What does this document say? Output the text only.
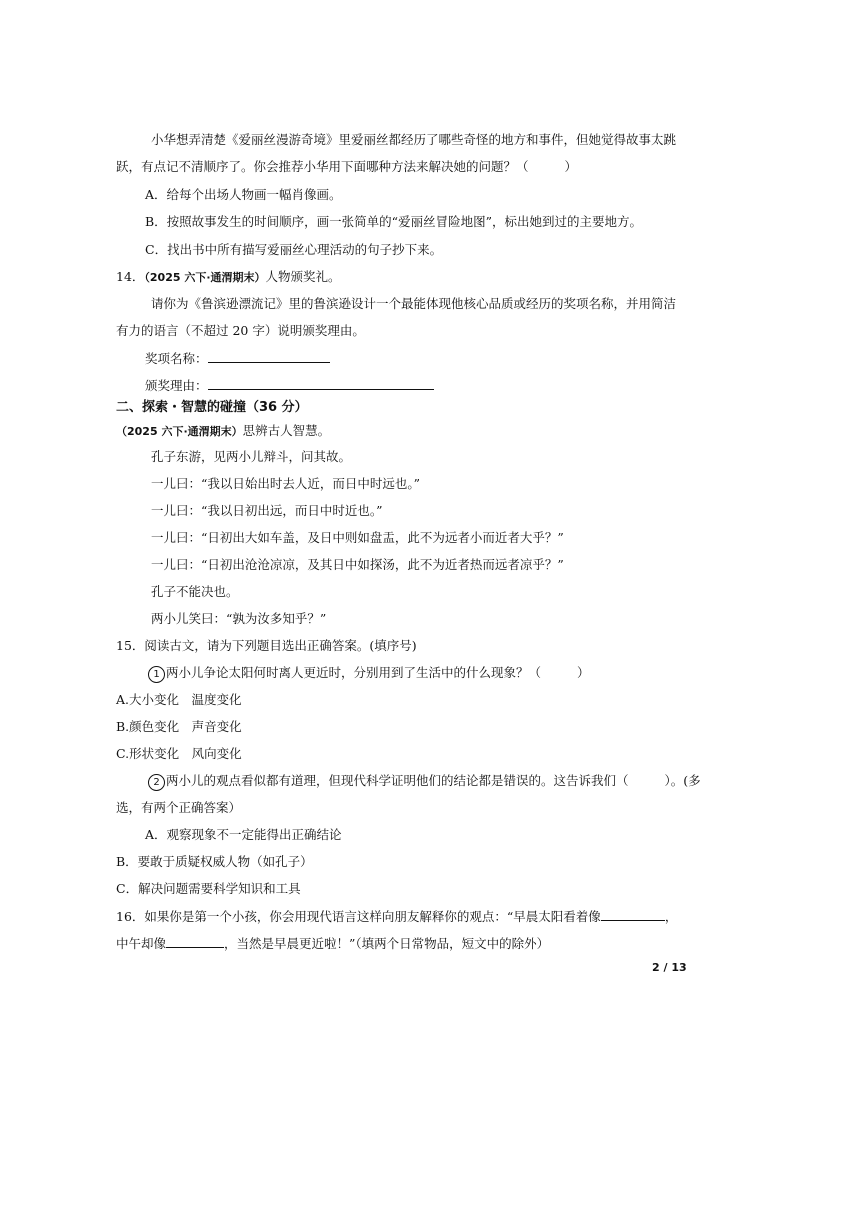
小华想弄清楚《爱丽丝漫游奇境》里爱丽丝都经历了哪些奇怪的地方和事件，但她觉得故事太跳
跃，有点记不清顺序了。你会推荐小华用下面哪种方法来解决她的问题？（	）
A．给每个出场人物画一幅肖像画。
B．按照故事发生的时间顺序，画一张简单的“爱丽丝冒险地图”，标出她到过的主要地方。
C．找出书中所有描写爱丽丝心理活动的句子抄下来。
14．（2025 六下·通渭期末）人物颁奖礼。
请你为《鲁滨逊漂流记》里的鲁滨逊设计一个最能体现他核心品质或经历的奖项名称，并用简洁
有力的语言（不超过 20 字）说明颁奖理由。
奖项名称：
颁奖理由：
二、探索・智慧的碰撞（36 分）
（2025 六下·通渭期末）思辨古人智慧。
孔子东游，见两小儿辩斗，问其故。
一儿曰：“我以日始出时去人近，而日中时远也。”
一儿曰：“我以日初出远，而日中时近也。”
一儿曰：“日初出大如车盖，及日中则如盘盂，此不为远者小而近者大乎？”
一儿曰：“日初出沧沧凉凉，及其日中如探汤，此不为近者热而远者凉乎？”
孔子不能决也。
两小儿笑曰：“孰为汝多知乎？”
15．阅读古文，请为下列题目选出正确答案。(填序号)
1 两小儿争论太阳何时离人更近时，分别用到了生活中的什么现象？（	）
A.大小变化　温度变化
B.颜色变化　声音变化
C.形状变化　风向变化
2 两小儿的观点看似都有道理，但现代科学证明他们的结论都是错误的。这告诉我们（	）。(多
选，有两个正确答案）
A．观察现象不一定能得出正确结论
B．要敢于质疑权威人物（如孔子）
C．解决问题需要科学知识和工具
16．如果你是第一个小孩，你会用现代语言这样向朋友解释你的观点：“早晨太阳看着像	，
中午却像	，当然是早晨更近啦！”（填两个日常物品，短文中的除外）
2 / 13
